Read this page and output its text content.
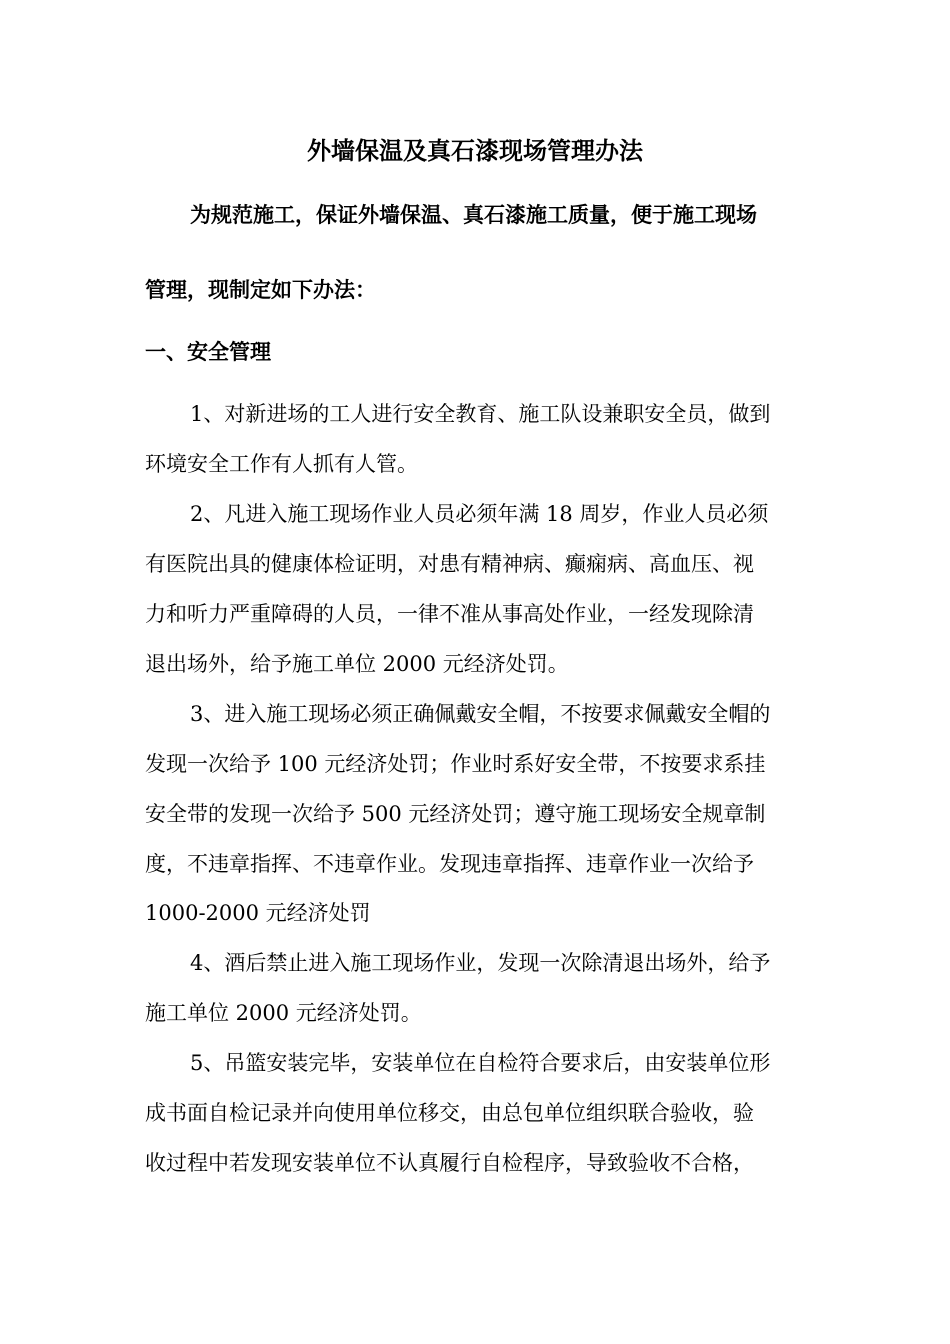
外墙保温及真石漆现场管理办法
为规范施工，保证外墙保温、真石漆施工质量，便于施工现场
管理，现制定如下办法：
一、安全管理
1、对新进场的工人进行安全教育、施工队设兼职安全员，做到
环境安全工作有人抓有人管。
2、凡进入施工现场作业人员必须年满 18 周岁，作业人员必须
有医院出具的健康体检证明，对患有精神病、癫痫病、高血压、视
力和听力严重障碍的人员，一律不准从事高处作业，一经发现除清
退出场外，给予施工单位 2000 元经济处罚。
3、进入施工现场必须正确佩戴安全帽，不按要求佩戴安全帽的
发现一次给予 100 元经济处罚；作业时系好安全带，不按要求系挂
安全带的发现一次给予 500 元经济处罚；遵守施工现场安全规章制
度，不违章指挥、不违章作业。发现违章指挥、违章作业一次给予
1000-2000 元经济处罚
4、酒后禁止进入施工现场作业，发现一次除清退出场外，给予
施工单位 2000 元经济处罚。
5、吊篮安装完毕，安装单位在自检符合要求后，由安装单位形
成书面自检记录并向使用单位移交，由总包单位组织联合验收，验
收过程中若发现安装单位不认真履行自检程序，导致验收不合格，
